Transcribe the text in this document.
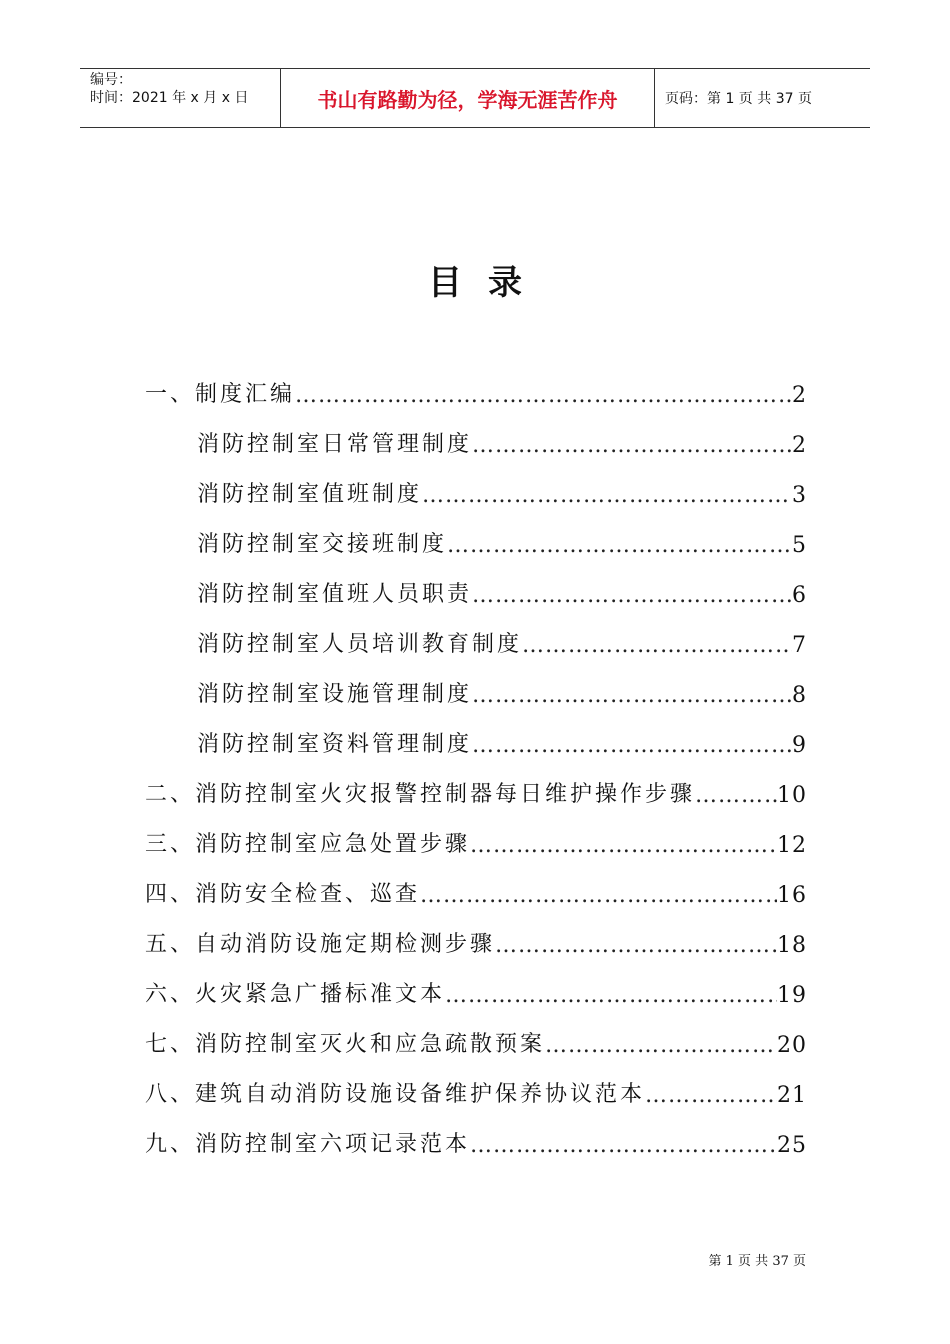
编号：
时间：2021 年 x 月 x 日	书山有路勤为径，学海无涯苦作舟	页码：第 1 页 共 37 页
目录
一、制度汇编 ……………………………………………………………………………………………………………………………………	2
消防控制室日常管理制度 ……………………………………………………………………………………………………………………………………	2
消防控制室值班制度 ……………………………………………………………………………………………………………………………………	3
消防控制室交接班制度 ……………………………………………………………………………………………………………………………………	5
消防控制室值班人员职责 ……………………………………………………………………………………………………………………………………	6
消防控制室人员培训教育制度 ……………………………………………………………………………………………………………………………………	7
消防控制室设施管理制度 ……………………………………………………………………………………………………………………………………	8
消防控制室资料管理制度 ……………………………………………………………………………………………………………………………………	9
二、消防控制室火灾报警控制器每日维护操作步骤 ……………………………………………………………………………………………………………………………………	10
三、消防控制室应急处置步骤 ……………………………………………………………………………………………………………………………………	12
四、消防安全检查、巡查 ……………………………………………………………………………………………………………………………………	16
五、自动消防设施定期检测步骤 ……………………………………………………………………………………………………………………………………	18
六、火灾紧急广播标准文本 ……………………………………………………………………………………………………………………………………	19
七、消防控制室灭火和应急疏散预案 ……………………………………………………………………………………………………………………………………	20
八、建筑自动消防设施设备维护保养协议范本 ……………………………………………………………………………………………………………………………………	21
九、消防控制室六项记录范本 ……………………………………………………………………………………………………………………………………	25
第 1 页 共 37 页
